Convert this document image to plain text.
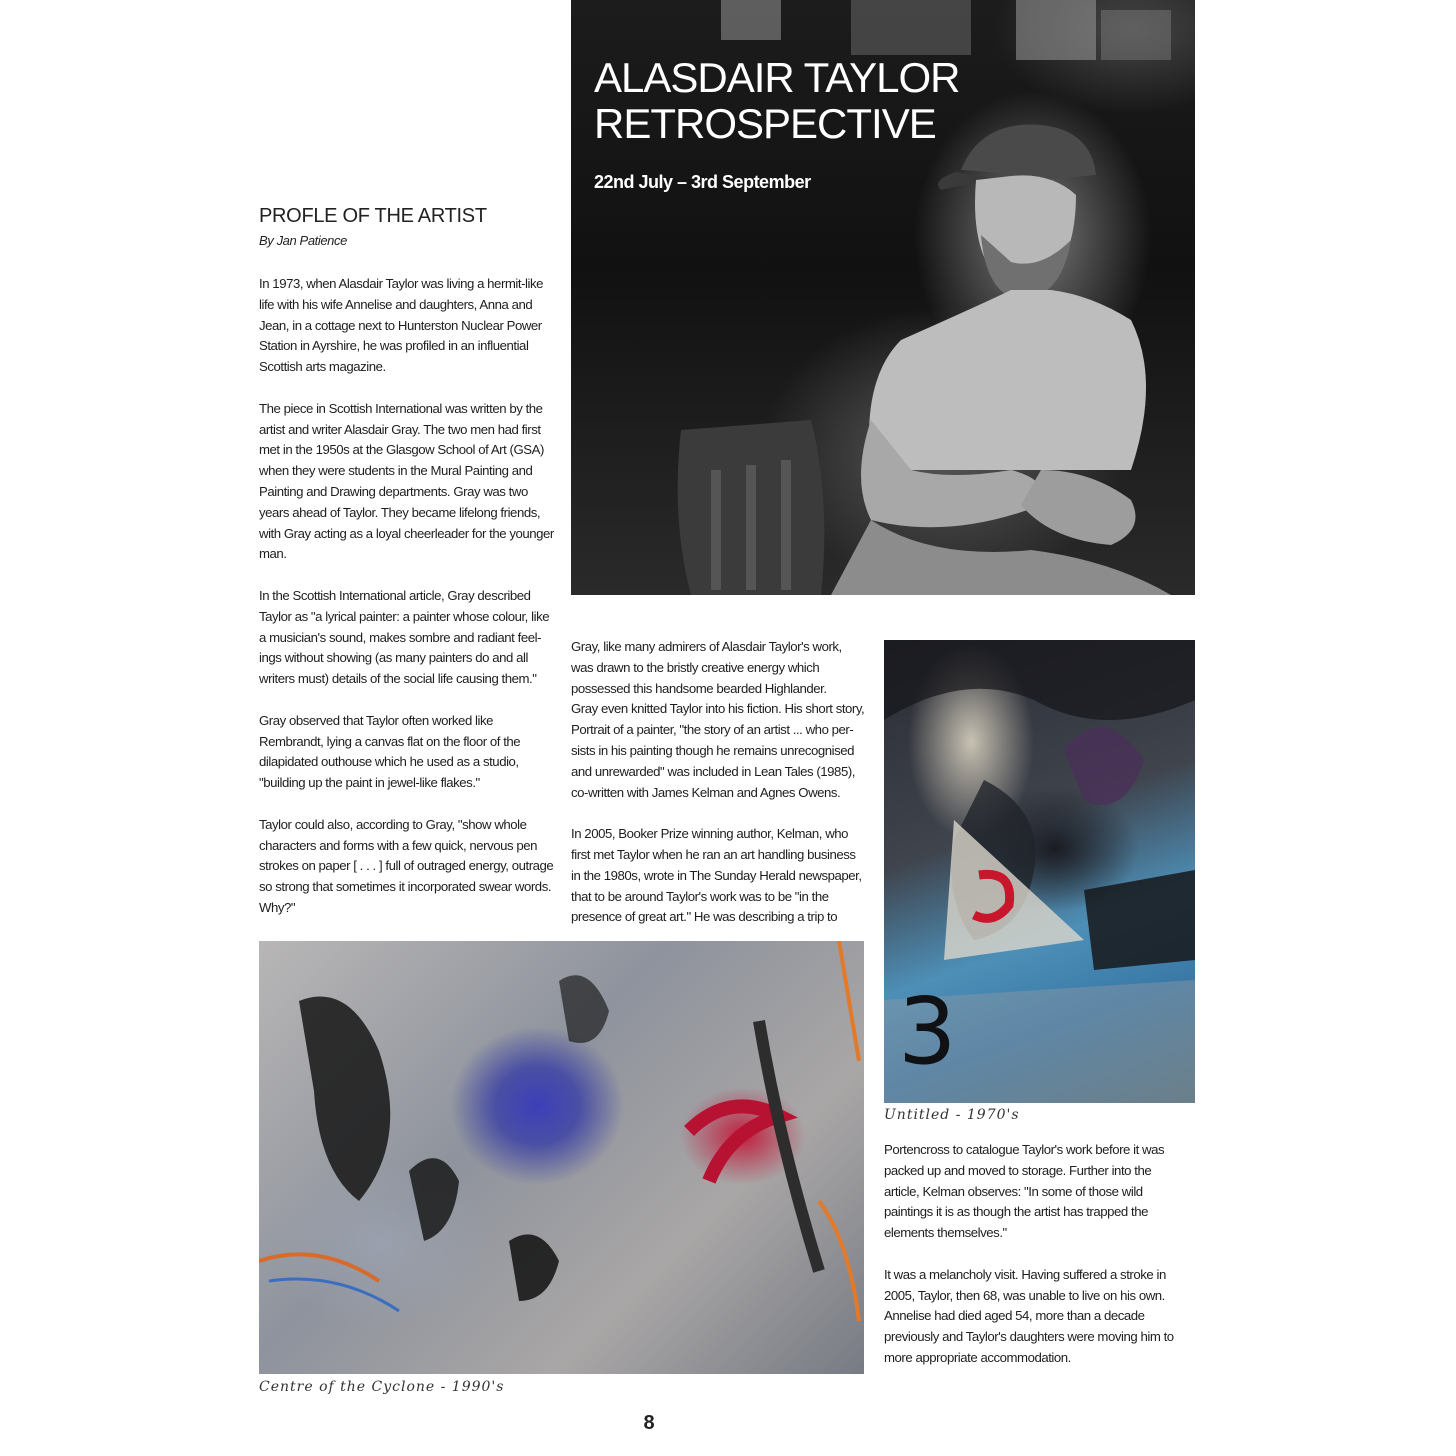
ALASDAIR TAYLOR RETROSPECTIVE
22nd July – 3rd September
PROFLE OF THE ARTIST
By Jan Patience

In 1973, when Alasdair Taylor was living a hermit-like life with his wife Annelise and daughters, Anna and Jean, in a cottage next to Hunterston Nuclear Power Station in Ayrshire, he was profiled in an influential Scottish arts magazine.

The piece in Scottish International was written by the artist and writer Alasdair Gray. The two men had first met in the 1950s at the Glasgow School of Art (GSA) when they were students in the Mural Painting and Painting and Drawing departments. Gray was two years ahead of Taylor. They became lifelong friends, with Gray acting as a loyal cheerleader for the younger man.

In the Scottish International article, Gray described Taylor as "a lyrical painter: a painter whose colour, like a musician's sound, makes sombre and radiant feel-ings without showing (as many painters do and all writers must) details of the social life causing them."

Gray observed that Taylor often worked like Rembrandt, lying a canvas flat on the floor of the dilapidated outhouse which he used as a studio, "building up the paint in jewel-like flakes."

Taylor could also, according to Gray, "show whole characters and forms with a few quick, nervous pen strokes on paper [ . . . ] full of outraged energy, outrage so strong that sometimes it incorporated swear words. Why?"

Gray, like many admirers of Alasdair Taylor's work, was drawn to the bristly creative energy which possessed this handsome bearded Highlander.

Gray even knitted Taylor into his fiction. His short story, Portrait of a painter, "the story of an artist ... who per-sists in his painting though he remains unrecognised and unrewarded" was included in Lean Tales (1985), co-written with James Kelman and Agnes Owens.

In 2005, Booker Prize winning author, Kelman, who first met Taylor when he ran an art handling business in the 1980s, wrote in The Sunday Herald newspaper, that to be around Taylor's work was to be "in the presence of great art." He was describing a trip to

3
Untitled - 1970's

Portencross to catalogue Taylor's work before it was packed up and moved to storage. Further into the article, Kelman observes: "In some of those wild paintings it is as though the artist has trapped the elements themselves."

It was a melancholy visit. Having suffered a stroke in 2005, Taylor, then 68, was unable to live on his own. Annelise had died aged 54, more than a decade previously and Taylor's daughters were moving him to more appropriate accommodation.

Centre of the Cyclone - 1990's
8
